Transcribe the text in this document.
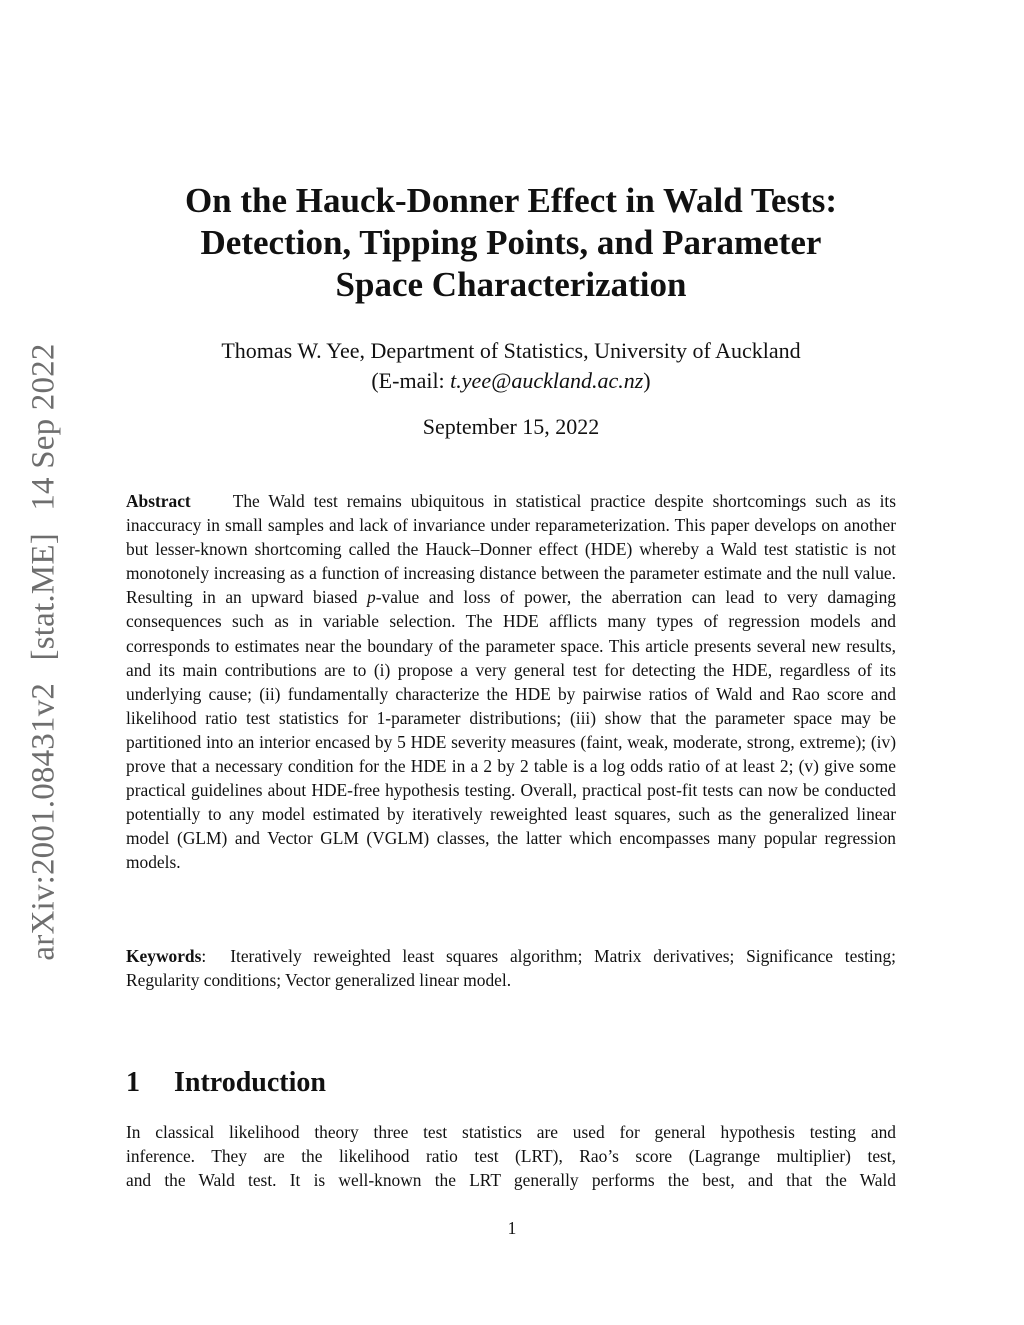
arXiv:2001.08431v2 [stat.ME] 14 Sep 2022
On the Hauck-Donner Effect in Wald Tests:
Detection, Tipping Points, and Parameter
Space Characterization
Thomas W. Yee, Department of Statistics, University of Auckland
(E-mail: t.yee@auckland.ac.nz)
September 15, 2022
Abstract The Wald test remains ubiquitous in statistical practice despite shortcomings such as its inaccuracy in small samples and lack of invariance under reparameterization. This paper develops on another but lesser-known shortcoming called the Hauck–Donner effect (HDE) whereby a Wald test statistic is not monotonely increasing as a function of increasing distance between the parameter estimate and the null value. Resulting in an upward biased p-value and loss of power, the aberration can lead to very damaging consequences such as in variable selection. The HDE afflicts many types of regression models and corresponds to estimates near the boundary of the parameter space. This article presents several new results, and its main contributions are to (i) propose a very general test for detecting the HDE, regardless of its underlying cause; (ii) fundamentally characterize the HDE by pairwise ratios of Wald and Rao score and likelihood ratio test statistics for 1-parameter distributions; (iii) show that the parameter space may be partitioned into an interior encased by 5 HDE severity measures (faint, weak, moderate, strong, extreme); (iv) prove that a necessary condition for the HDE in a 2 by 2 table is a log odds ratio of at least 2; (v) give some practical guidelines about HDE-free hypothesis testing. Overall, practical post-fit tests can now be conducted potentially to any model estimated by iteratively reweighted least squares, such as the generalized linear model (GLM) and Vector GLM (VGLM) classes, the latter which encompasses many popular regression models.
Keywords: Iteratively reweighted least squares algorithm; Matrix derivatives; Significance testing; Regularity conditions; Vector generalized linear model.
1 Introduction
In classical likelihood theory three test statistics are used for general hypothesis testing and
inference. They are the likelihood ratio test (LRT), Rao’s score (Lagrange multiplier) test,
and the Wald test. It is well-known the LRT generally performs the best, and that the Wald
1
